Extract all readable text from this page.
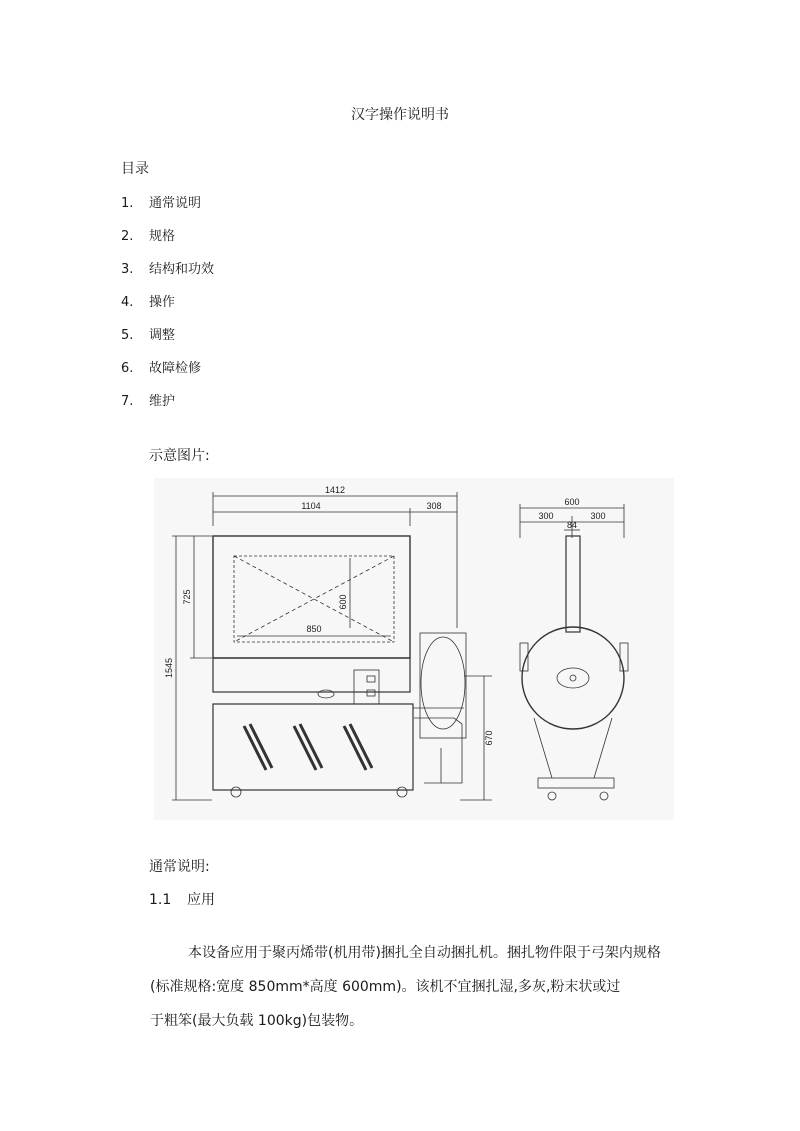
汉字操作说明书
目录
1. 通常说明
2. 规格
3. 结构和功效
4. 操作
5. 调整
6. 故障检修
7. 维护
示意图片:
1412
1104	308
725
1545
850
600
670
600
300	300
84
通常说明:
1.1 应用

本设备应用于聚丙烯带(机用带)捆扎全自动捆扎机。捆扎物件限于弓架内规格

(标准规格:宽度 850mm*高度 600mm)。该机不宜捆扎湿,多灰,粉末状或过

于粗笨(最大负载 100kg)包装物。
